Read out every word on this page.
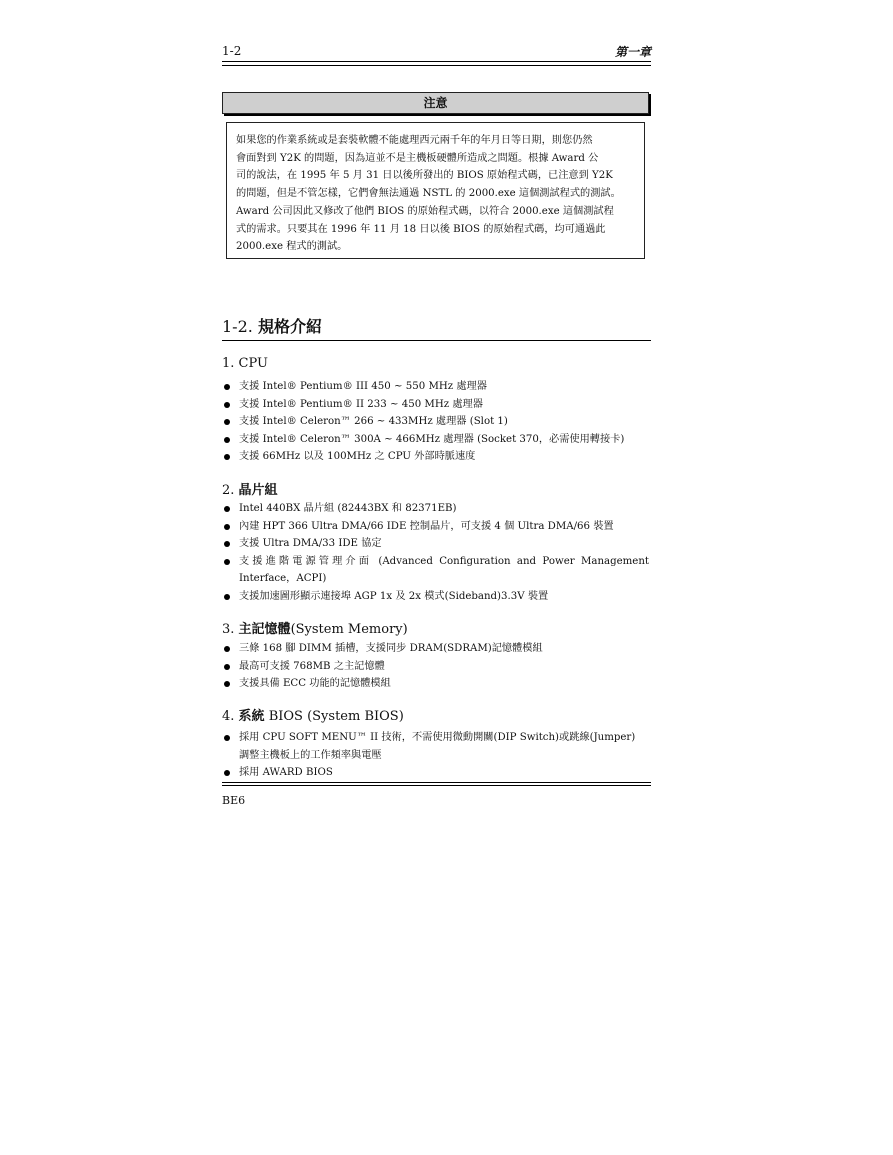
1-2	第一章
注意
如果您的作業系統或是套裝軟體不能處理西元兩千年的年月日等日期，則您仍然
會面對到 Y2K 的問題，因為這並不是主機板硬體所造成之問題。根據 Award 公
司的說法，在 1995 年 5 月 31 日以後所發出的 BIOS 原始程式碼，已注意到 Y2K
的問題，但是不管怎樣，它們會無法通過 NSTL 的 2000.exe 這個測試程式的測試。
Award 公司因此又修改了他們 BIOS 的原始程式碼，以符合 2000.exe 這個測試程
式的需求。只要其在 1996 年 11 月 18 日以後 BIOS 的原始程式碼，均可通過此
2000.exe 程式的測試。
1-2. 規格介紹
1. CPU
支援 Intel® Pentium® III 450 ~ 550 MHz 處理器
支援 Intel® Pentium® II 233 ~ 450 MHz 處理器
支援 Intel® Celeron™ 266 ~ 433MHz 處理器 (Slot 1)
支援 Intel® Celeron™ 300A ~ 466MHz 處理器 (Socket 370，必需使用轉接卡)
支援 66MHz 以及 100MHz 之 CPU 外部時脈速度
2. 晶片組
Intel 440BX 晶片組 (82443BX 和 82371EB)
內建 HPT 366 Ultra DMA/66 IDE 控制晶片，可支援 4 個 Ultra DMA/66 裝置
支援 Ultra DMA/33 IDE 協定
支援進階電源管理介面 (Advanced Configuration and Power Management
Interface，ACPI)
支援加速圖形顯示連接埠 AGP 1x 及 2x 模式(Sideband)3.3V 裝置
3. 主記憶體(System Memory)
三條 168 腳 DIMM 插槽，支援同步 DRAM(SDRAM)記憶體模組
最高可支援 768MB 之主記憶體
支援具備 ECC 功能的記憶體模組
4. 系統 BIOS (System BIOS)
採用 CPU SOFT MENU™ II 技術，不需使用微動開關(DIP Switch)或跳線(Jumper)
調整主機板上的工作頻率與電壓
採用 AWARD BIOS
BE6
